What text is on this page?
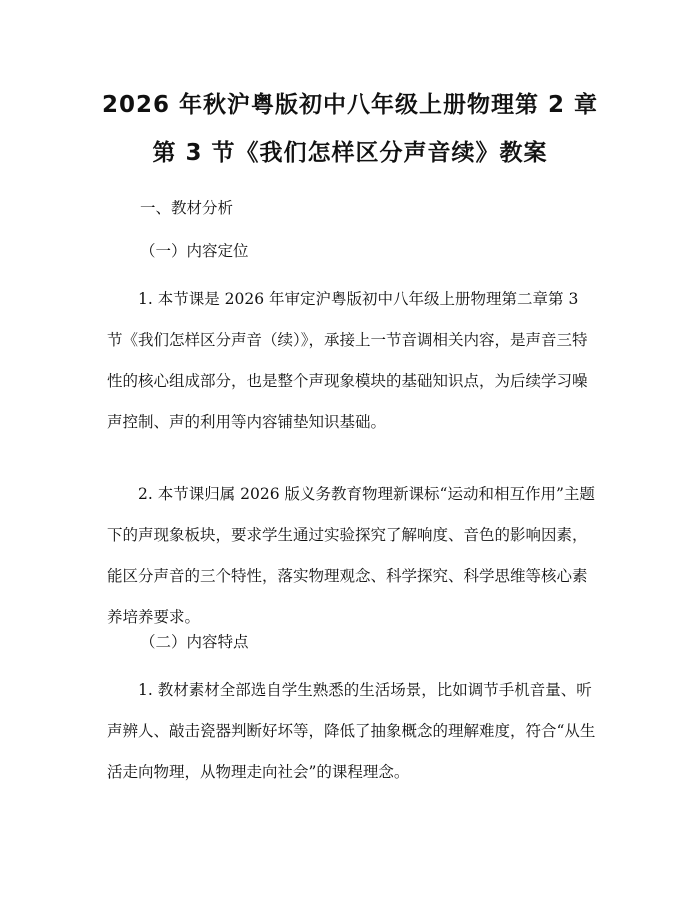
2026 年秋沪粤版初中八年级上册物理第 2 章
第 3 节《我们怎样区分声音续》教案

一、教材分析

（一）内容定位

1. 本节课是 2026 年审定沪粤版初中八年级上册物理第二章第 3 节《我们怎样区分声音（续）》，承接上一节音调相关内容，是声音三特性的核心组成部分，也是整个声现象模块的基础知识点，为后续学习噪声控制、声的利用等内容铺垫知识基础。

2. 本节课归属 2026 版义务教育物理新课标“运动和相互作用”主题下的声现象板块，要求学生通过实验探究了解响度、音色的影响因素，能区分声音的三个特性，落实物理观念、科学探究、科学思维等核心素养培养要求。

（二）内容特点

1. 教材素材全部选自学生熟悉的生活场景，比如调节手机音量、听声辨人、敲击瓷器判断好坏等，降低了抽象概念的理解难度，符合“从生活走向物理，从物理走向社会”的课程理念。
